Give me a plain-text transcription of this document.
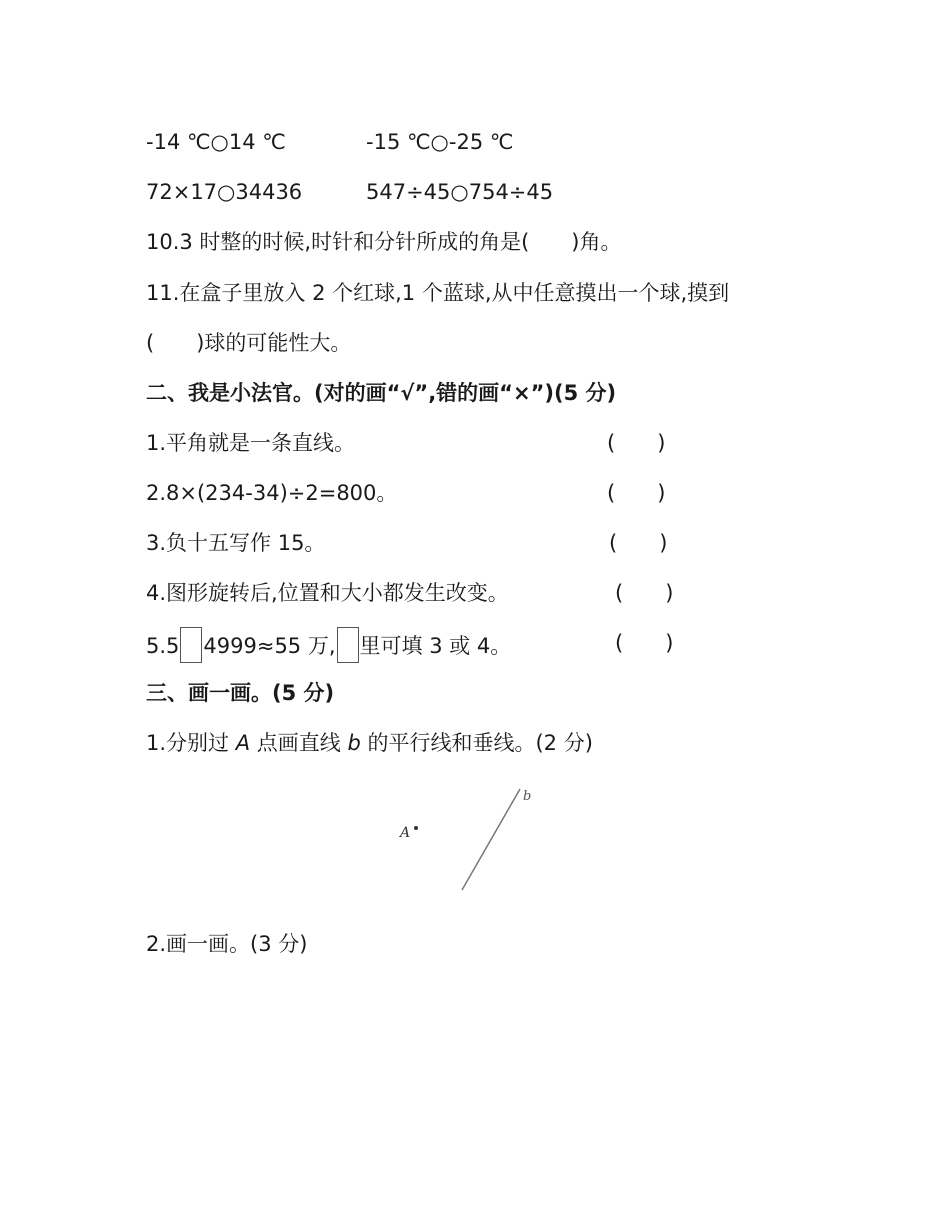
-14 ℃○14 ℃	-15 ℃○-25 ℃
72×17○34436	547÷45○754÷45
10.3 时整的时候,时针和分针所成的角是(　　)角。
11.在盒子里放入 2 个红球,1 个蓝球,从中任意摸出一个球,摸到
(　　)球的可能性大。
二、我是小法官。(对的画“√”,错的画“×”)(5 分)
1.平角就是一条直线。	(　　)
2.8×(234-34)÷2=800。	(　　)
3.负十五写作 15。	(　　)
4.图形旋转后,位置和大小都发生改变。	(　　)
5.5 4999≈55 万, 里可填 3 或 4。	(　　)
三、画一画。(5 分)
1.分别过 A 点画直线 b 的平行线和垂线。(2 分)
A
b
2.画一画。(3 分)
